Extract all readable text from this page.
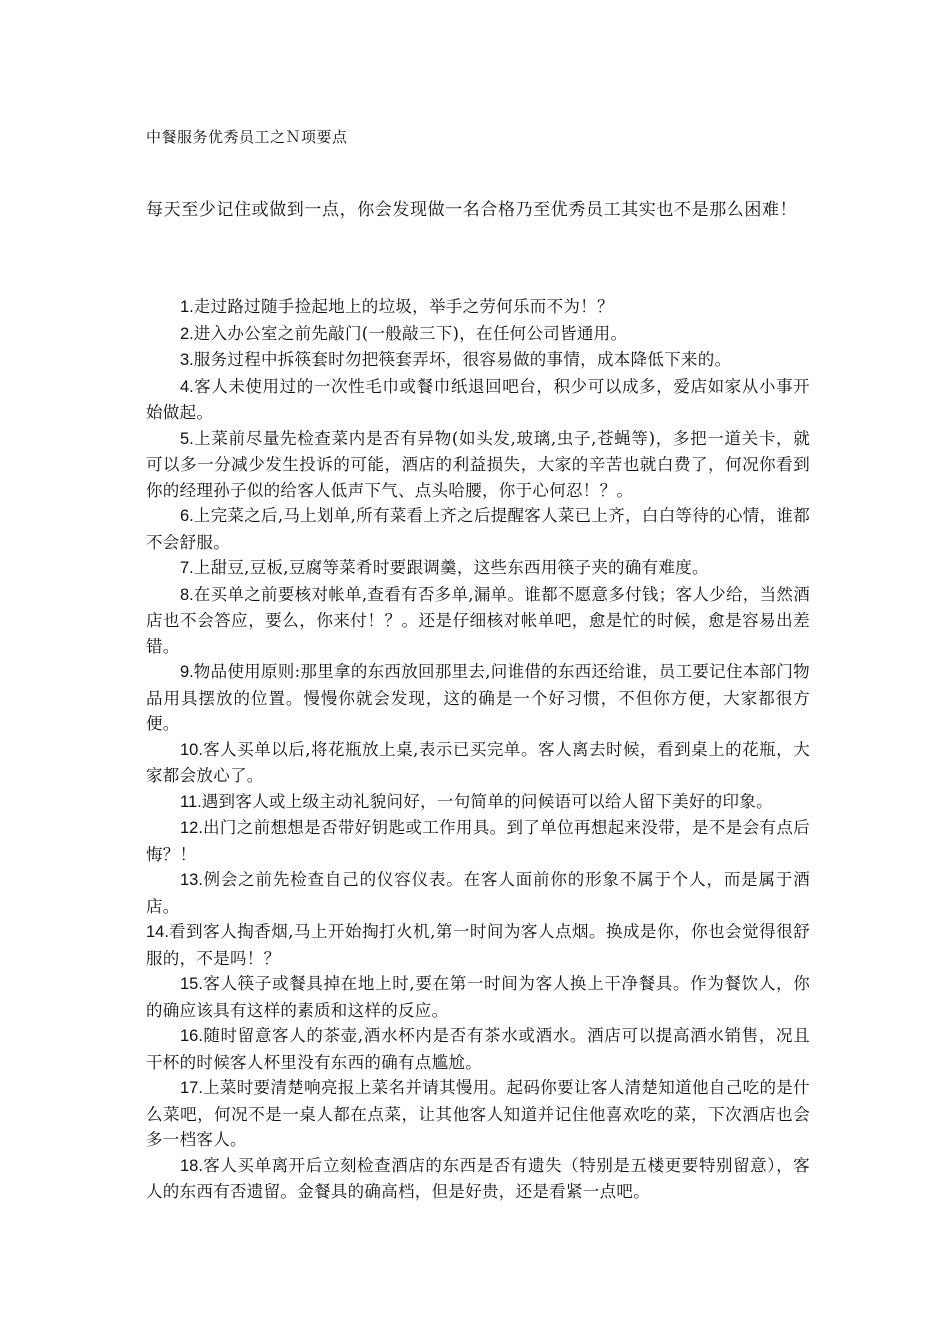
中餐服务优秀员工之Ｎ项要点
每天至少记住或做到一点，你会发现做一名合格乃至优秀员工其实也不是那么困难！
1.走过路过随手捡起地上的垃圾，举手之劳何乐而不为！？
2.进入办公室之前先敲门(一般敲三下)，在任何公司皆通用。
3.服务过程中拆筷套时勿把筷套弄坏，很容易做的事情，成本降低下来的。
4.客人未使用过的一次性毛巾或餐巾纸退回吧台，积少可以成多，爱店如家从小事开始做起。
5.上菜前尽量先检查菜内是否有异物(如头发,玻璃,虫子,苍蝇等)，多把一道关卡，就可以多一分减少发生投诉的可能，酒店的利益损失，大家的辛苦也就白费了，何况你看到你的经理孙子似的给客人低声下气、点头哈腰，你于心何忍！？。
6.上完菜之后,马上划单,所有菜看上齐之后提醒客人菜已上齐，白白等待的心情，谁都不会舒服。
7.上甜豆,豆板,豆腐等菜肴时要跟调羹，这些东西用筷子夹的确有难度。
8.在买单之前要核对帐单,查看有否多单,漏单。谁都不愿意多付钱；客人少给，当然酒店也不会答应，要么，你来付！？。还是仔细核对帐单吧，愈是忙的时候，愈是容易出差错。
9.物品使用原则:那里拿的东西放回那里去,问谁借的东西还给谁，员工要记住本部门物品用具摆放的位置。慢慢你就会发现，这的确是一个好习惯，不但你方便，大家都很方便。
10.客人买单以后,将花瓶放上桌,表示已买完单。客人离去时候，看到桌上的花瓶，大家都会放心了。
11.遇到客人或上级主动礼貌问好，一句简单的问候语可以给人留下美好的印象。
12.出门之前想想是否带好钥匙或工作用具。到了单位再想起来没带，是不是会有点后悔？！
13.例会之前先检查自己的仪容仪表。在客人面前你的形象不属于个人，而是属于酒店。
14.看到客人掏香烟,马上开始掏打火机,第一时间为客人点烟。换成是你，你也会觉得很舒服的，不是吗！？
15.客人筷子或餐具掉在地上时,要在第一时间为客人换上干净餐具。作为餐饮人，你的确应该具有这样的素质和这样的反应。
16.随时留意客人的茶壶,酒水杯内是否有茶水或酒水。酒店可以提高酒水销售，况且干杯的时候客人杯里没有东西的确有点尴尬。
17.上菜时要清楚响亮报上菜名并请其慢用。起码你要让客人清楚知道他自己吃的是什么菜吧，何况不是一桌人都在点菜，让其他客人知道并记住他喜欢吃的菜，下次酒店也会多一档客人。
18.客人买单离开后立刻检查酒店的东西是否有遗失（特别是五楼更要特别留意），客人的东西有否遗留。金餐具的确高档，但是好贵，还是看紧一点吧。
